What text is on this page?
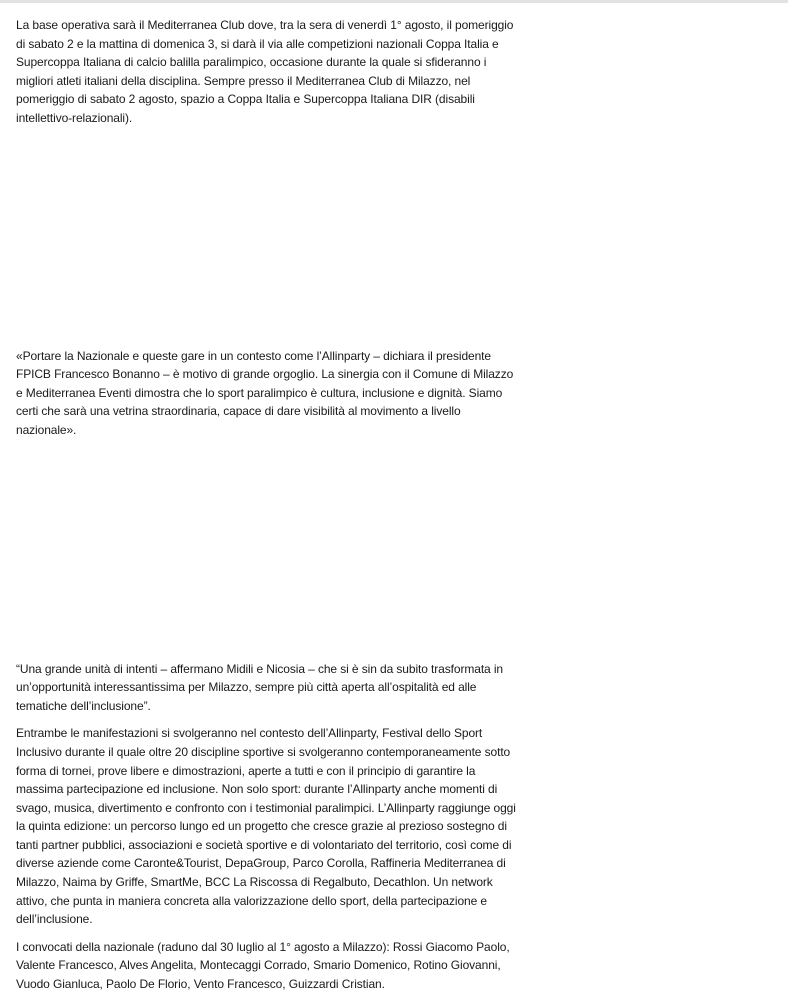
La base operativa sarà il Mediterranea Club dove, tra la sera di venerdì 1° agosto, il pomeriggio di sabato 2 e la mattina di domenica 3, si darà il via alle competizioni nazionali Coppa Italia e Supercoppa Italiana di calcio balilla paralimpico, occasione durante la quale si sfideranno i migliori atleti italiani della disciplina. Sempre presso il Mediterranea Club di Milazzo, nel pomeriggio di sabato 2 agosto, spazio a Coppa Italia e Supercoppa Italiana DIR (disabili intellettivo-relazionali).

«Portare la Nazionale e queste gare in un contesto come l’Allinparty – dichiara il presidente FPICB Francesco Bonanno – è motivo di grande orgoglio. La sinergia con il Comune di Milazzo e Mediterranea Eventi dimostra che lo sport paralimpico è cultura, inclusione e dignità. Siamo certi che sarà una vetrina straordinaria, capace di dare visibilità al movimento a livello nazionale».

“Una grande unità di intenti – affermano Midili e Nicosia – che si è sin da subito trasformata in un’opportunità interessantissima per Milazzo, sempre più città aperta all’ospitalità ed alle tematiche dell’inclusione”.

Entrambe le manifestazioni si svolgeranno nel contesto dell’Allinparty, Festival dello Sport Inclusivo durante il quale oltre 20 discipline sportive si svolgeranno contemporaneamente sotto forma di tornei, prove libere e dimostrazioni, aperte a tutti e con il principio di garantire la massima partecipazione ed inclusione. Non solo sport: durante l’Allinparty anche momenti di svago, musica, divertimento e confronto con i testimonial paralimpici. L’Allinparty raggiunge oggi la quinta edizione: un percorso lungo ed un progetto che cresce grazie al prezioso sostegno di tanti partner pubblici, associazioni e società sportive e di volontariato del territorio, così come di diverse aziende come Caronte&Tourist, DepaGroup, Parco Corolla, Raffineria Mediterranea di Milazzo, Naima by Griffe, SmartMe, BCC La Riscossa di Regalbuto, Decathlon. Un network attivo, che punta in maniera concreta alla valorizzazione dello sport, della partecipazione e dell’inclusione.

I convocati della nazionale (raduno dal 30 luglio al 1° agosto a Milazzo): Rossi Giacomo Paolo, Valente Francesco, Alves Angelita, Montecaggi Corrado, Smario Domenico, Rotino Giovanni, Vuodo Gianluca, Paolo De Florio, Vento Francesco, Guizzardi Cristian.
